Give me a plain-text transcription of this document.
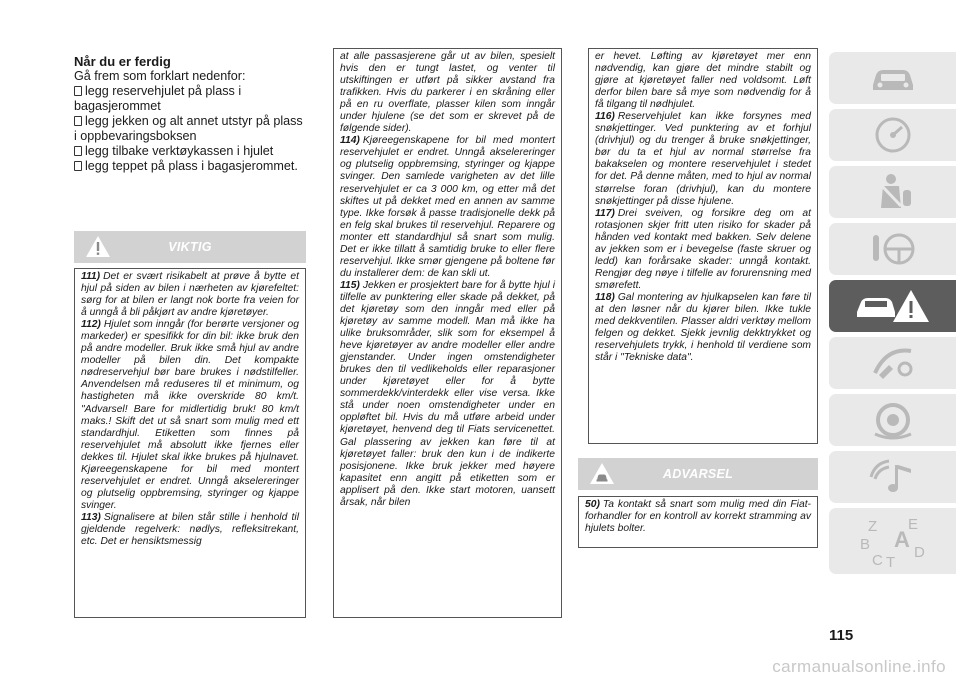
Når du er ferdig
Gå frem som forklart nedenfor:
legg reservehjulet på plass i bagasjerommet
legg jekken og alt annet utstyr på plass i oppbevaringsboksen
legg tilbake verktøykassen i hjulet
legg teppet på plass i bagasjerommet.
VIKTIG

111) Det er svært risikabelt at prøve å bytte et hjul på siden av bilen i nærheten av kjørefeltet: sørg for at bilen er langt nok borte fra veien for å unngå å bli påkjørt av andre kjøretøyer.

112) Hjulet som inngår (for berørte versjoner og markeder) er spesifikk for din bil: ikke bruk den på andre modeller. Bruk ikke små hjul av andre modeller på bilen din. Det kompakte nødreservehjul bør bare brukes i nødstilfeller. Anvendelsen må reduseres til et minimum, og hastigheten må ikke overskride 80 km/t. "Advarsel! Bare for midlertidig bruk! 80 km/t maks.! Skift det ut så snart som mulig med ett standardhjul. Etiketten som finnes på reservehjulet må absolutt ikke fjernes eller dekkes til. Hjulet skal ikke brukes på hjulnavet. Kjøreegenskapene for bil med montert reservehjulet er endret. Unngå akselereringer og plutselig oppbremsing, styringer og kjappe svinger.

113) Signalisere at bilen står stille i henhold til gjeldende regelverk: nødlys, refleksitrekant, etc. Det er hensiktsmessig

at alle passasjerene går ut av bilen, spesielt hvis den er tungt lastet, og venter til utskiftingen er utført på sikker avstand fra trafikken. Hvis du parkerer i en skråning eller på en ru overflate, plasser kilen som inngår under hjulene (se det som er skrevet på de følgende sider).

114) Kjøreegenskapene for bil med montert reservehjulet er endret. Unngå akselereringer og plutselig oppbremsing, styringer og kjappe svinger. Den samlede varigheten av det lille reservehjulet er ca 3 000 km, og etter må det skiftes ut på dekket med en annen av samme type. Ikke forsøk å passe tradisjonelle dekk på en felg skal brukes til reservehjul. Reparere og monter ett standardhjul så snart som mulig. Det er ikke tillatt å samtidig bruke to eller flere reservehjul. Ikke smør gjengene på boltene før du installerer dem: de kan skli ut.

115) Jekken er prosjektert bare for å bytte hjul i tilfelle av punktering eller skade på dekket, på det kjøretøy som den inngår med eller på kjøretøy av samme modell. Man må ikke ha ulike bruksområder, slik som for eksempel å heve kjøretøyer av andre modeller eller andre gjenstander. Under ingen omstendigheter brukes den til vedlikeholds eller reparasjoner under kjøretøyet eller for å bytte sommerdekk/vinterdekk eller vise versa. Ikke stå under noen omstendigheter under en oppløftet bil. Hvis du må utføre arbeid under kjøretøyet, henvend deg til Fiats servicenettet. Gal plassering av jekken kan føre til at kjøretøyet faller: bruk den kun i de indikerte posisjonene. Ikke bruk jekker med høyere kapasitet enn angitt på etiketten som er applisert på den. Ikke start motoren, uansett årsak, når bilen

er hevet. Løfting av kjøretøyet mer enn nødvendig, kan gjøre det mindre stabilt og gjøre at kjøretøyet faller ned voldsomt. Løft derfor bilen bare så mye som nødvendig for å få tilgang til nødhjulet.

116) Reservehjulet kan ikke forsynes med snøkjettinger. Ved punktering av et forhjul (drivhjul) og du trenger å bruke snøkjettinger, bør du ta et hjul av normal størrelse fra bakakselen og montere reservehjulet i stedet for det. På denne måten, med to hjul av normal størrelse foran (drivhjul), kan du montere snøkjettinger på disse hjulene.

117) Drei sveiven, og forsikre deg om at rotasjonen skjer fritt uten risiko for skader på hånden ved kontakt med bakken. Selv delene av jekken som er i bevegelse (faste skruer og ledd) kan forårsake skader: unngå kontakt. Rengjør deg nøye i tilfelle av forurensning med smørefett.

118) Gal montering av hjulkapselen kan føre til at den løsner når du kjører bilen. Ikke tukle med dekkventilen. Plasser aldri verktøy mellom felgen og dekket. Sjekk jevnlig dekktrykket og reservehjulets trykk, i henhold til verdiene som står i "Tekniske data".

ADVARSEL

50) Ta kontakt så snart som mulig med din Fiat-forhandler for en kontroll av korrekt stramming av hjulets bolter.	Z E
B A
C T
D
115
carmanualsonline.info
